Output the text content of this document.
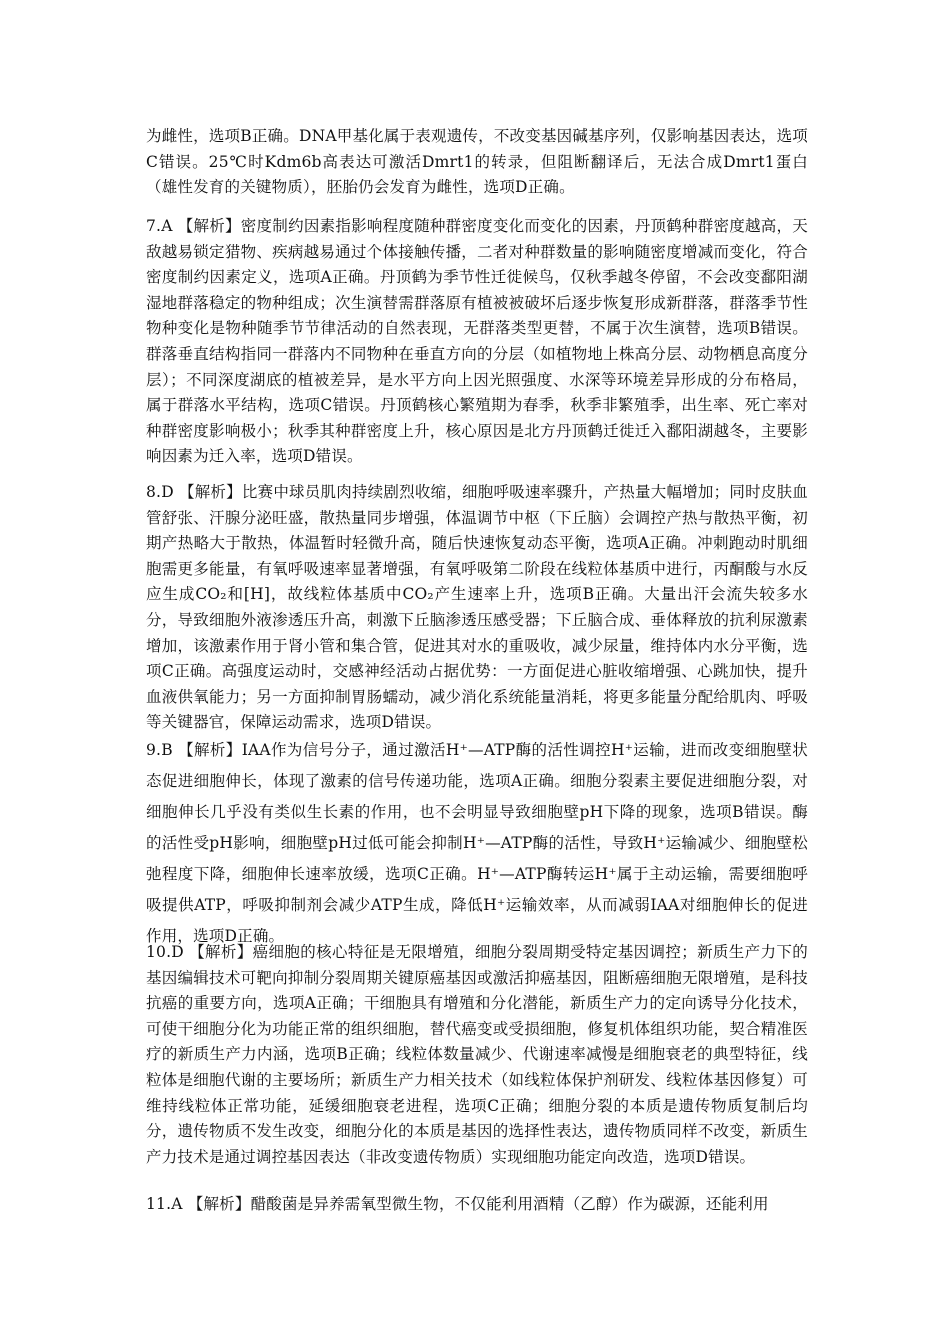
为雌性，选项B正确。DNA甲基化属于表观遗传，不改变基因碱基序列，仅影响基因表达，选项C错误。25℃时Kdm6b高表达可激活Dmrt1的转录，但阻断翻译后，无法合成Dmrt1蛋白（雄性发育的关键物质），胚胎仍会发育为雌性，选项D正确。

7.A 【解析】密度制约因素指影响程度随种群密度变化而变化的因素，丹顶鹤种群密度越高，天敌越易锁定猎物、疾病越易通过个体接触传播，二者对种群数量的影响随密度增减而变化，符合密度制约因素定义，选项A正确。丹顶鹤为季节性迁徙候鸟，仅秋季越冬停留，不会改变鄱阳湖湿地群落稳定的物种组成；次生演替需群落原有植被被破坏后逐步恢复形成新群落，群落季节性物种变化是物种随季节节律活动的自然表现，无群落类型更替，不属于次生演替，选项B错误。群落垂直结构指同一群落内不同物种在垂直方向的分层（如植物地上株高分层、动物栖息高度分层）；不同深度湖底的植被差异，是水平方向上因光照强度、水深等环境差异形成的分布格局，属于群落水平结构，选项C错误。丹顶鹤核心繁殖期为春季，秋季非繁殖季，出生率、死亡率对种群密度影响极小；秋季其种群密度上升，核心原因是北方丹顶鹤迁徙迁入鄱阳湖越冬，主要影响因素为迁入率，选项D错误。

8.D 【解析】比赛中球员肌肉持续剧烈收缩，细胞呼吸速率骤升，产热量大幅增加；同时皮肤血管舒张、汗腺分泌旺盛，散热量同步增强，体温调节中枢（下丘脑）会调控产热与散热平衡，初期产热略大于散热，体温暂时轻微升高，随后快速恢复动态平衡，选项A正确。冲刺跑动时肌细胞需更多能量，有氧呼吸速率显著增强，有氧呼吸第二阶段在线粒体基质中进行，丙酮酸与水反应生成CO₂和[H]，故线粒体基质中CO₂产生速率上升，选项B正确。大量出汗会流失较多水分，导致细胞外液渗透压升高，刺激下丘脑渗透压感受器；下丘脑合成、垂体释放的抗利尿激素增加，该激素作用于肾小管和集合管，促进其对水的重吸收，减少尿量，维持体内水分平衡，选项C正确。高强度运动时，交感神经活动占据优势：一方面促进心脏收缩增强、心跳加快，提升血液供氧能力；另一方面抑制胃肠蠕动，减少消化系统能量消耗，将更多能量分配给肌肉、呼吸等关键器官，保障运动需求，选项D错误。

9.B 【解析】IAA作为信号分子，通过激活H⁺—ATP酶的活性调控H⁺运输，进而改变细胞壁状态促进细胞伸长，体现了激素的信号传递功能，选项A正确。细胞分裂素主要促进细胞分裂，对细胞伸长几乎没有类似生长素的作用，也不会明显导致细胞壁pH下降的现象，选项B错误。酶的活性受pH影响，细胞壁pH过低可能会抑制H⁺—ATP酶的活性，导致H⁺运输减少、细胞壁松弛程度下降，细胞伸长速率放缓，选项C正确。H⁺—ATP酶转运H⁺属于主动运输，需要细胞呼吸提供ATP，呼吸抑制剂会减少ATP生成，降低H⁺运输效率，从而减弱IAA对细胞伸长的促进作用，选项D正确。

10.D 【解析】癌细胞的核心特征是无限增殖，细胞分裂周期受特定基因调控；新质生产力下的基因编辑技术可靶向抑制分裂周期关键原癌基因或激活抑癌基因，阻断癌细胞无限增殖，是科技抗癌的重要方向，选项A正确；干细胞具有增殖和分化潜能，新质生产力的定向诱导分化技术，可使干细胞分化为功能正常的组织细胞，替代癌变或受损细胞，修复机体组织功能，契合精准医疗的新质生产力内涵，选项B正确；线粒体数量减少、代谢速率减慢是细胞衰老的典型特征，线粒体是细胞代谢的主要场所；新质生产力相关技术（如线粒体保护剂研发、线粒体基因修复）可维持线粒体正常功能，延缓细胞衰老进程，选项C正确；细胞分裂的本质是遗传物质复制后均分，遗传物质不发生改变，细胞分化的本质是基因的选择性表达，遗传物质同样不改变，新质生产力技术是通过调控基因表达（非改变遗传物质）实现细胞功能定向改造，选项D错误。

11.A 【解析】醋酸菌是异养需氧型微生物，不仅能利用酒精（乙醇）作为碳源，还能利用
